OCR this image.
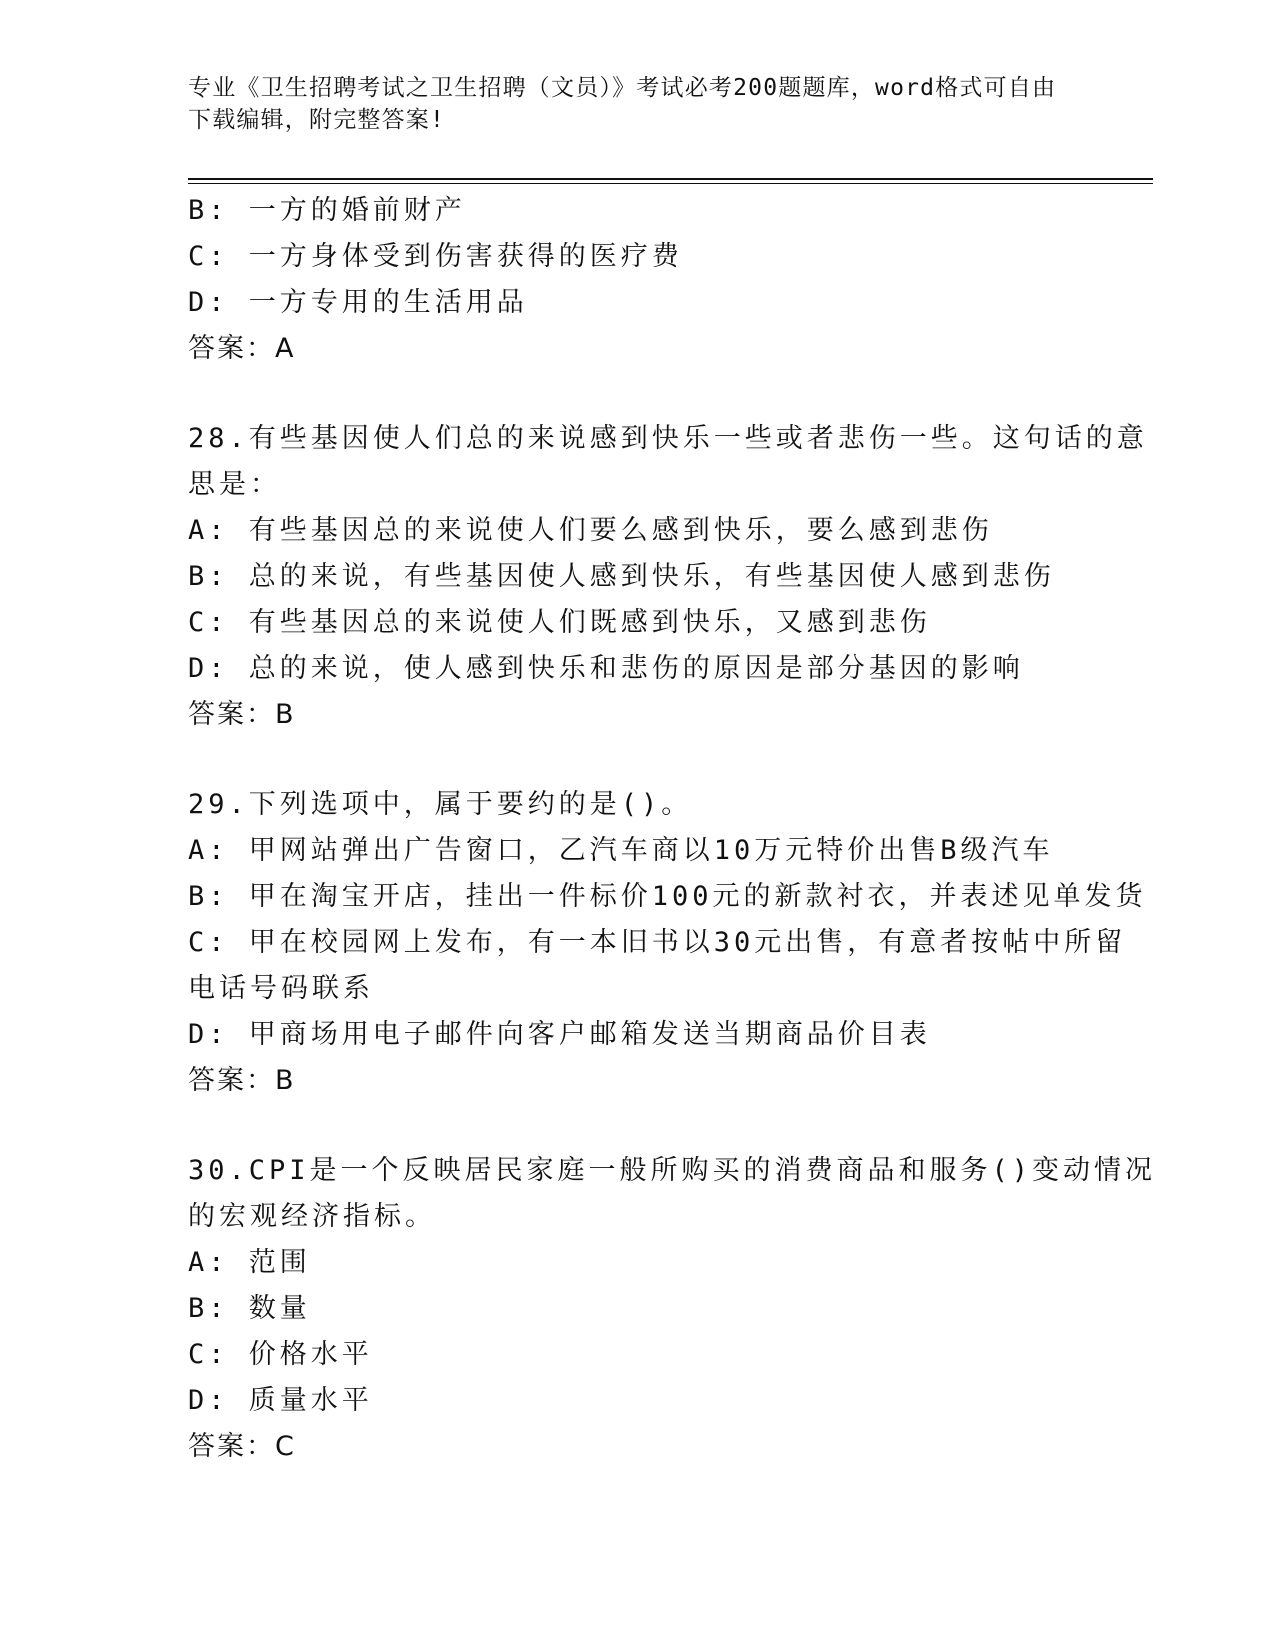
专业《卫生招聘考试之卫生招聘（文员）》考试必考200题题库，word格式可自由下载编辑，附完整答案!
B: 一方的婚前财产
C: 一方身体受到伤害获得的医疗费
D: 一方专用的生活用品
答案：A
28.有些基因使人们总的来说感到快乐一些或者悲伤一些。这句话的意
思是：
A: 有些基因总的来说使人们要么感到快乐，要么感到悲伤
B: 总的来说，有些基因使人感到快乐，有些基因使人感到悲伤
C: 有些基因总的来说使人们既感到快乐，又感到悲伤
D: 总的来说，使人感到快乐和悲伤的原因是部分基因的影响
答案：B
29.下列选项中，属于要约的是()。
A: 甲网站弹出广告窗口，乙汽车商以10万元特价出售B级汽车
B: 甲在淘宝开店，挂出一件标价100元的新款衬衣，并表述见单发货
C: 甲在校园网上发布，有一本旧书以30元出售，有意者按帖中所留
电话号码联系
D: 甲商场用电子邮件向客户邮箱发送当期商品价目表
答案：B
30.CPI是一个反映居民家庭一般所购买的消费商品和服务()变动情况
的宏观经济指标。
A: 范围
B: 数量
C: 价格水平
D: 质量水平
答案：C
